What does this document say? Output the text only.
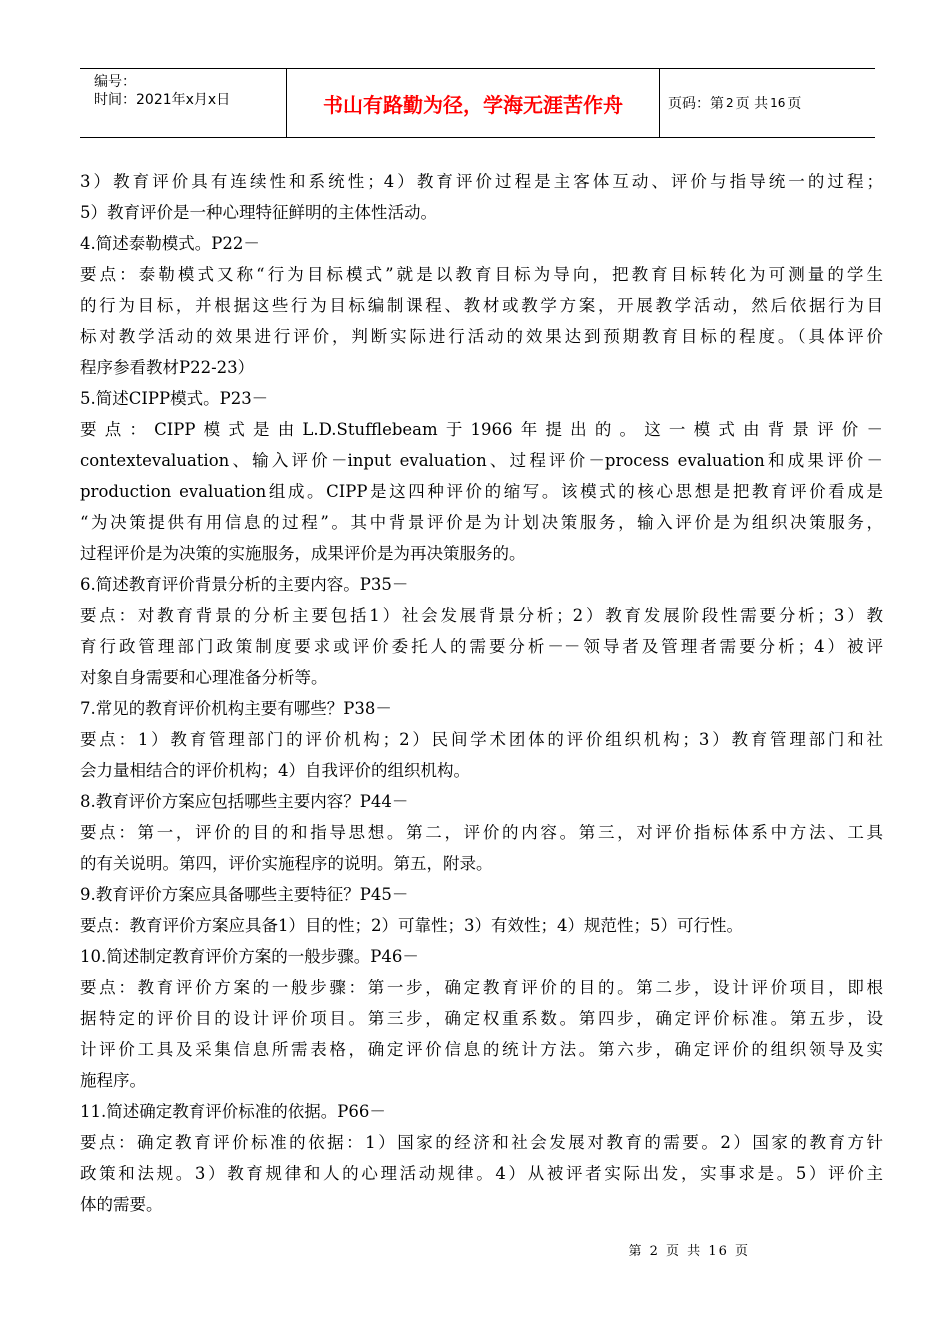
编号：
时间：2021年x月x日	书山有路勤为径，学海无涯苦作舟	页码：第 2 页 共 16 页

3）教育评价具有连续性和系统性；4）教育评价过程是主客体互动、评价与指导统一的过程；

5）教育评价是一种心理特征鲜明的主体性活动。

4.简述泰勒模式。P22－

要点：泰勒模式又称“行为目标模式”就是以教育目标为导向，把教育目标转化为可测量的学生

的行为目标，并根据这些行为目标编制课程、教材或教学方案，开展教学活动，然后依据行为目

标对教学活动的效果进行评价，判断实际进行活动的效果达到预期教育目标的程度。（具体评价

程序参看教材P22-23）

5.简述CIPP模式。P23－

要点：CIPP模式是由L.D.Stufflebeam于1966年提出的。这一模式由背景评价－

contextevaluation、输入评价－input evaluation、过程评价－process evaluation和成果评价－

production evaluation组成。CIPP是这四种评价的缩写。该模式的核心思想是把教育评价看成是

“为决策提供有用信息的过程”。其中背景评价是为计划决策服务，输入评价是为组织决策服务，

过程评价是为决策的实施服务，成果评价是为再决策服务的。

6.简述教育评价背景分析的主要内容。P35－

要点：对教育背景的分析主要包括1）社会发展背景分析；2）教育发展阶段性需要分析；3）教

育行政管理部门政策制度要求或评价委托人的需要分析－－领导者及管理者需要分析；4）被评

对象自身需要和心理准备分析等。

7.常见的教育评价机构主要有哪些？P38－

要点：1）教育管理部门的评价机构；2）民间学术团体的评价组织机构；3）教育管理部门和社

会力量相结合的评价机构；4）自我评价的组织机构。

8.教育评价方案应包括哪些主要内容？P44－

要点：第一，评价的目的和指导思想。第二，评价的内容。第三，对评价指标体系中方法、工具

的有关说明。第四，评价实施程序的说明。第五，附录。

9.教育评价方案应具备哪些主要特征？P45－

要点：教育评价方案应具备1）目的性；2）可靠性；3）有效性；4）规范性；5）可行性。

10.简述制定教育评价方案的一般步骤。P46－

要点：教育评价方案的一般步骤：第一步，确定教育评价的目的。第二步，设计评价项目，即根

据特定的评价目的设计评价项目。第三步，确定权重系数。第四步，确定评价标准。第五步，设

计评价工具及采集信息所需表格，确定评价信息的统计方法。第六步，确定评价的组织领导及实

施程序。

11.简述确定教育评价标准的依据。P66－

要点：确定教育评价标准的依据：1）国家的经济和社会发展对教育的需要。2）国家的教育方针

政策和法规。3）教育规律和人的心理活动规律。4）从被评者实际出发，实事求是。5）评价主

体的需要。

第 2 页 共 16 页
